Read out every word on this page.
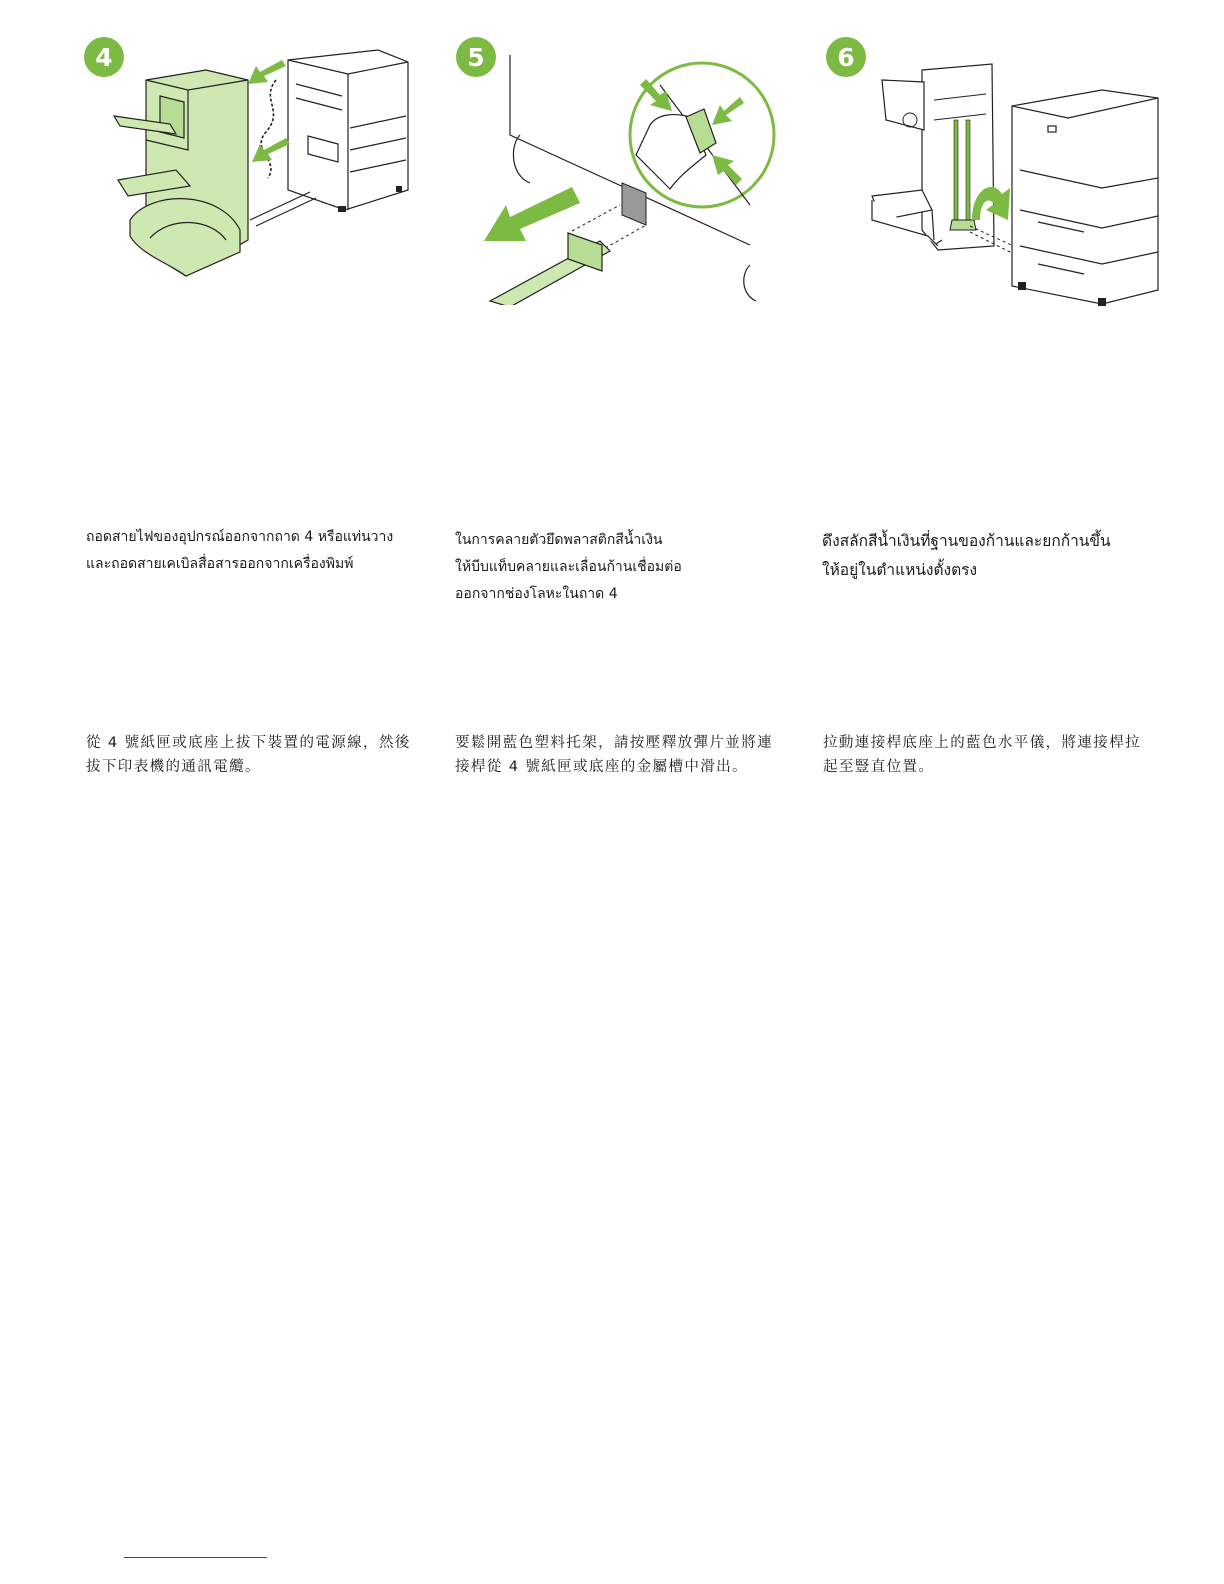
4	5	6
ถอดสายไฟของอุปกรณ์ออกจากถาด 4 หรือแท่นวาง
และถอดสายเคเบิลสื่อสารออกจากเครื่องพิมพ์
ในการคลายตัวยึดพลาสติกสีน้ำเงิน
ให้บีบแท็บคลายและเลื่อนก้านเชื่อมต่อ
ออกจากช่องโลหะในถาด 4
ดึงสลักสีน้ำเงินที่ฐานของก้านและยกก้านขึ้น
ให้อยู่ในตำแหน่งตั้งตรง
從 4 號紙匣或底座上拔下裝置的電源線，然後
拔下印表機的通訊電纜。
要鬆開藍色塑料托架，請按壓釋放彈片並將連
接桿從 4 號紙匣或底座的金屬槽中滑出。
拉動連接桿底座上的藍色水平儀，將連接桿拉
起至豎直位置。
